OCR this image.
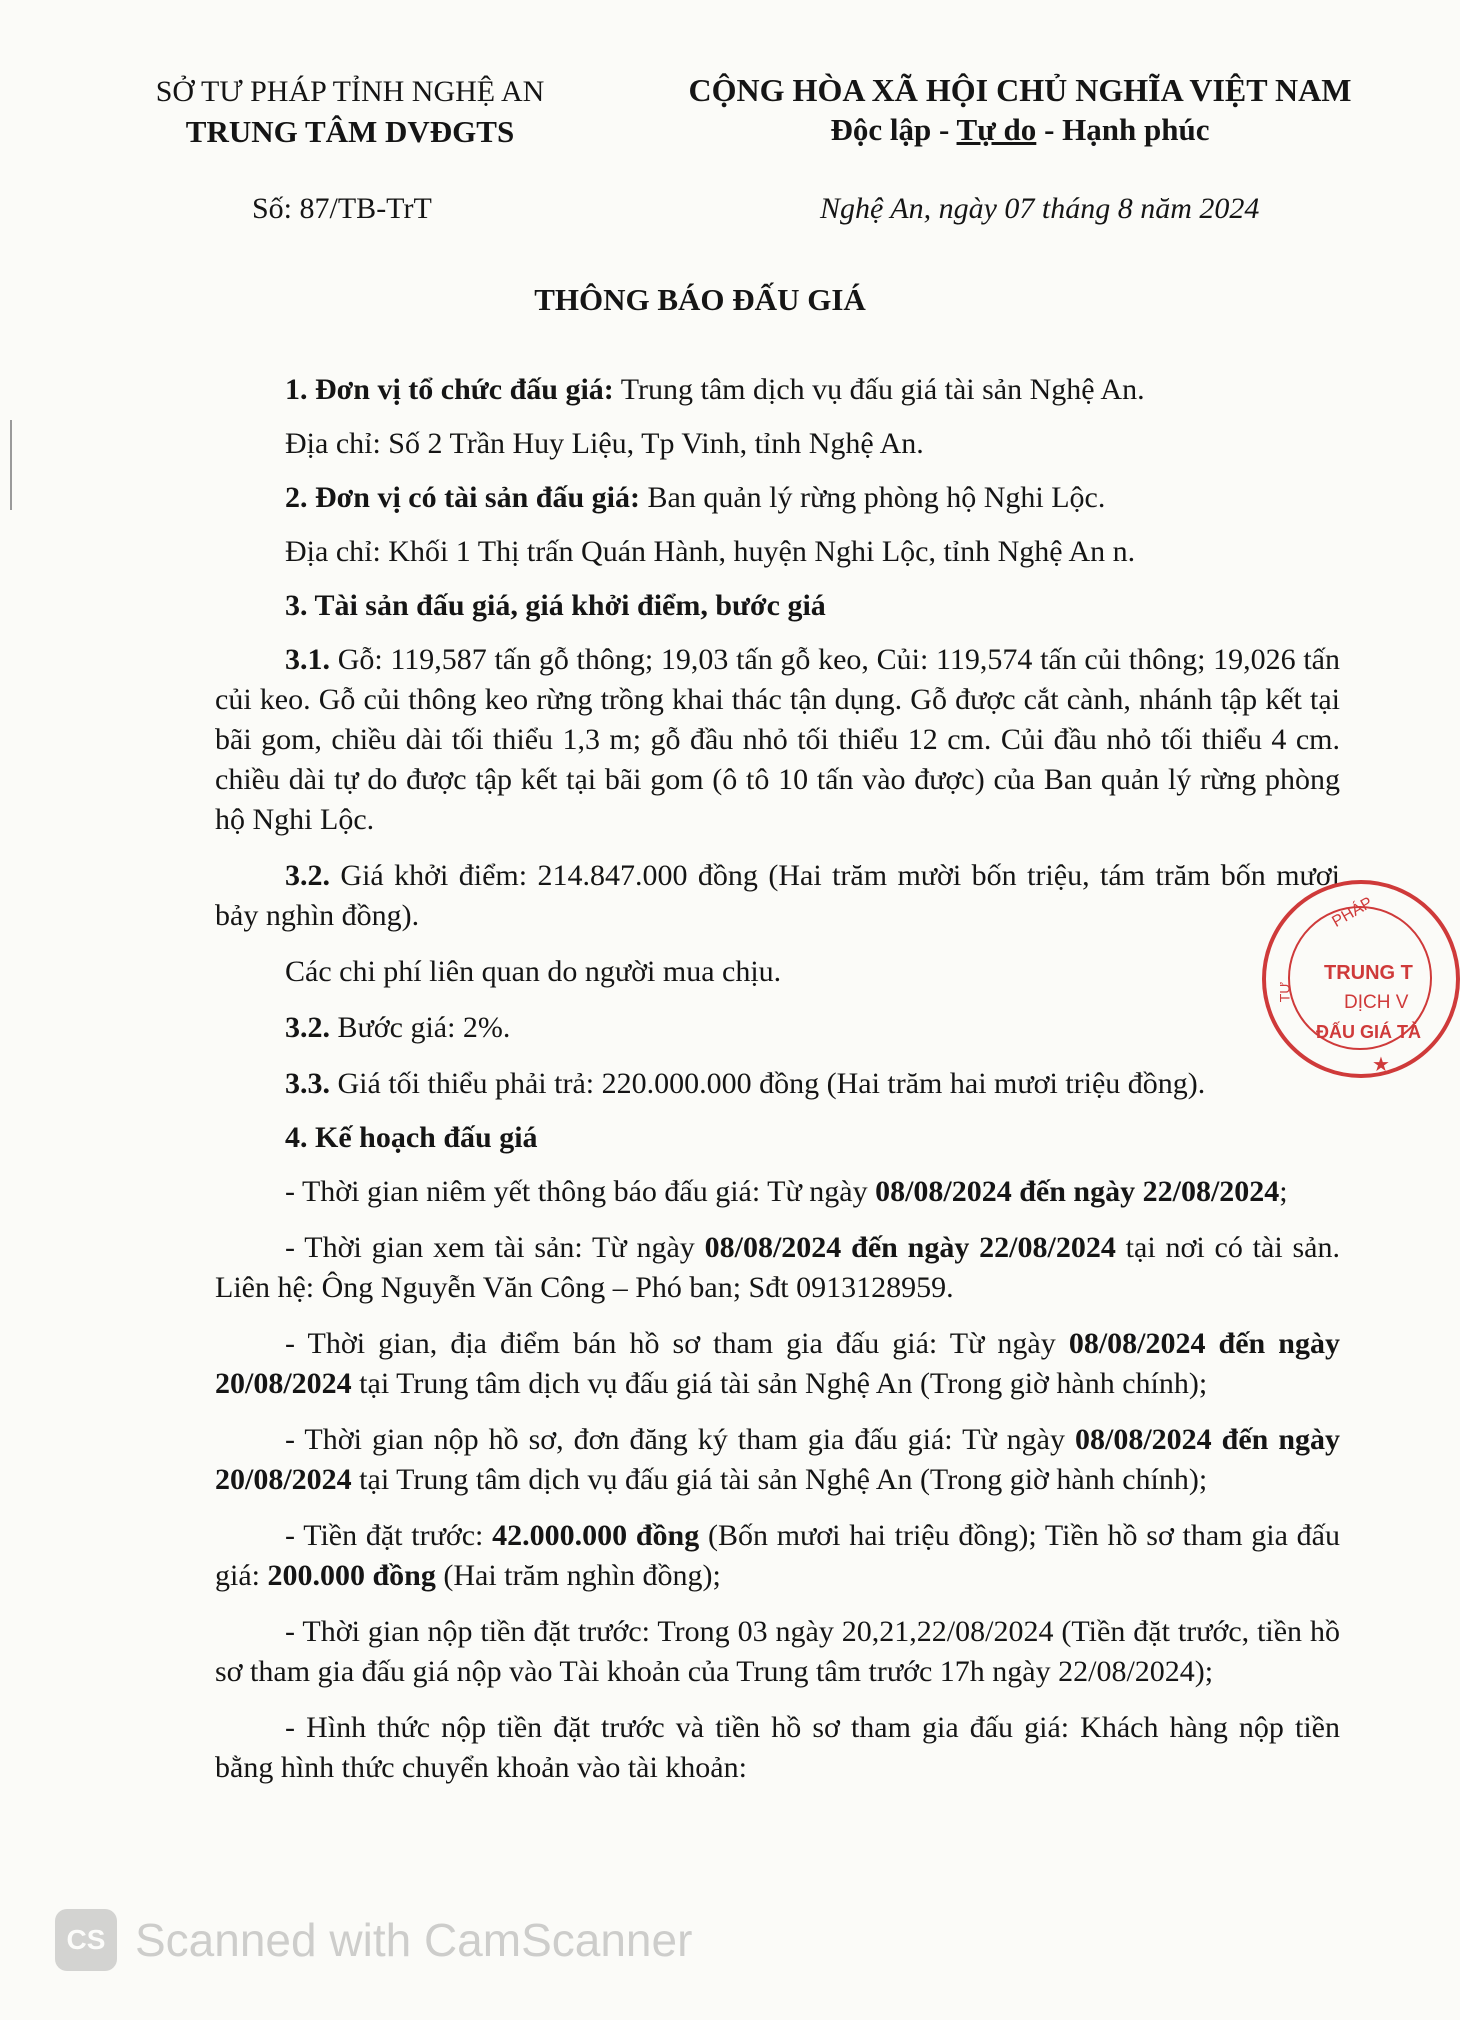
SỞ TƯ PHÁP TỈNH NGHỆ AN
TRUNG TÂM DVĐGTS
CỘNG HÒA XÃ HỘI CHỦ NGHĨA VIỆT NAM
Độc lập - Tự do - Hạnh phúc
Số: 87/TB-TrT	Nghệ An, ngày 07 tháng 8 năm 2024
THÔNG BÁO ĐẤU GIÁ

1. Đơn vị tổ chức đấu giá: Trung tâm dịch vụ đấu giá tài sản Nghệ An.

Địa chỉ: Số 2 Trần Huy Liệu, Tp Vinh, tỉnh Nghệ An.

2. Đơn vị có tài sản đấu giá: Ban quản lý rừng phòng hộ Nghi Lộc.

Địa chỉ: Khối 1 Thị trấn Quán Hành, huyện Nghi Lộc, tỉnh Nghệ An n.

3. Tài sản đấu giá, giá khởi điểm, bước giá

3.1. Gỗ: 119,587 tấn gỗ thông; 19,03 tấn gỗ keo, Củi: 119,574 tấn củi thông; 19,026 tấn củi keo. Gỗ củi thông keo rừng trồng khai thác tận dụng. Gỗ được cắt cành, nhánh tập kết tại bãi gom, chiều dài tối thiểu 1,3 m; gỗ đầu nhỏ tối thiểu 12 cm. Củi đầu nhỏ tối thiểu 4 cm. chiều dài tự do được tập kết tại bãi gom (ô tô 10 tấn vào được) của Ban quản lý rừng phòng hộ Nghi Lộc.

3.2. Giá khởi điểm: 214.847.000 đồng (Hai trăm mười bốn triệu, tám trăm bốn mươi bảy nghìn đồng).

Các chi phí liên quan do người mua chịu.

3.2. Bước giá: 2%.

3.3. Giá tối thiểu phải trả: 220.000.000 đồng (Hai trăm hai mươi triệu đồng).

4. Kế hoạch đấu giá

- Thời gian niêm yết thông báo đấu giá: Từ ngày 08/08/2024 đến ngày 22/08/2024;

- Thời gian xem tài sản: Từ ngày 08/08/2024 đến ngày 22/08/2024 tại nơi có tài sản. Liên hệ: Ông Nguyễn Văn Công – Phó ban; Sđt 0913128959.

- Thời gian, địa điểm bán hồ sơ tham gia đấu giá: Từ ngày 08/08/2024 đến ngày 20/08/2024 tại Trung tâm dịch vụ đấu giá tài sản Nghệ An (Trong giờ hành chính);

- Thời gian nộp hồ sơ, đơn đăng ký tham gia đấu giá: Từ ngày 08/08/2024 đến ngày 20/08/2024 tại Trung tâm dịch vụ đấu giá tài sản Nghệ An (Trong giờ hành chính);

- Tiền đặt trước: 42.000.000 đồng (Bốn mươi hai triệu đồng); Tiền hồ sơ tham gia đấu giá: 200.000 đồng (Hai trăm nghìn đồng);

- Thời gian nộp tiền đặt trước: Trong 03 ngày 20,21,22/08/2024 (Tiền đặt trước, tiền hồ sơ tham gia đấu giá nộp vào Tài khoản của Trung tâm trước 17h ngày 22/08/2024);

- Hình thức nộp tiền đặt trước và tiền hồ sơ tham gia đấu giá: Khách hàng nộp tiền bằng hình thức chuyển khoản vào tài khoản:

PHÁP
TƯ
TRUNG T
DỊCH V
ĐẤU GIÁ TÀ
★
CS Scanned with CamScanner
